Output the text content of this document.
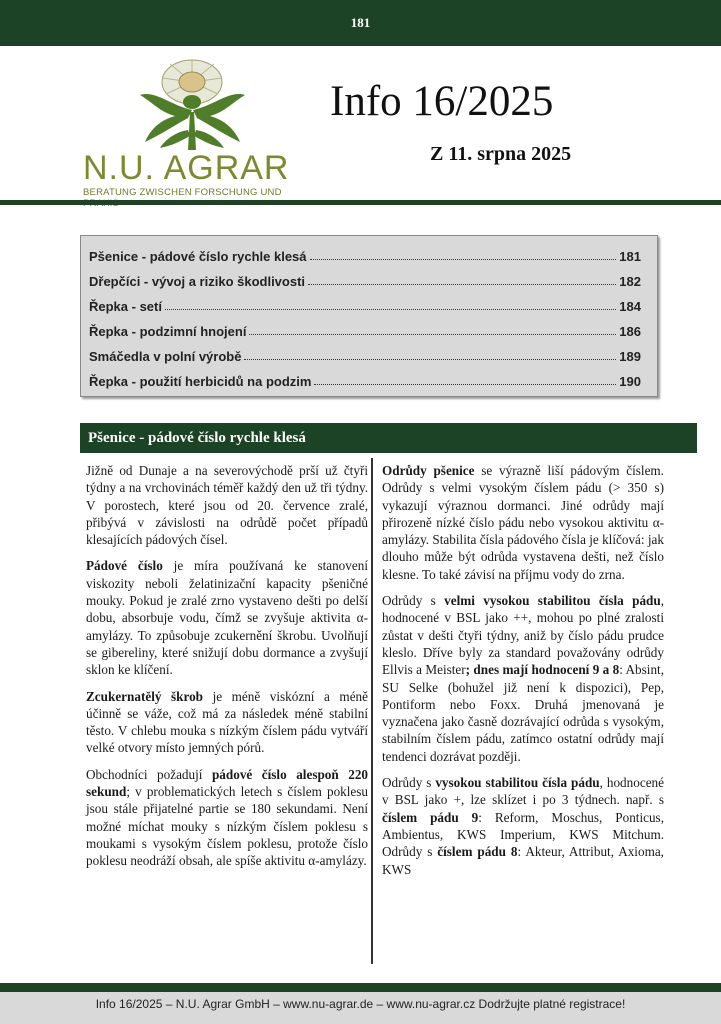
181
N.U. AGRAR
BERATUNG ZWISCHEN FORSCHUNG UND
Info 16/2025
Z 11. srpna 2025
Pšenice - pádové číslo rychle klesá	181
Dřepčíci - vývoj a riziko škodlivosti	182
Řepka - setí	184
Řepka - podzimní hnojení	186
Smáčedla v polní výrobě	189
Řepka - použití herbicidů na podzim	190
Pšenice - pádové číslo rychle klesá

Jižně od Dunaje a na severovýchodě prší už čtyři týdny a na vrchovinách téměř každý den už tři týdny. V porostech, které jsou od 20. července zralé, přibývá v závislosti na odrůdě počet případů klesajících pádových čísel.

Pádové číslo je míra používaná ke stanovení viskozity neboli želatinizační kapacity pšeničné mouky. Pokud je zralé zrno vystaveno dešti po delší dobu, absorbuje vodu, čímž se zvyšuje aktivita α-amylázy. To způsobuje zcukernění škrobu. Uvolňují se gibereliny, které snižují dobu dormance a zvyšují sklon ke klíčení.

Zcukernatělý škrob je méně viskózní a méně účinně se váže, což má za následek méně stabilní těsto. V chlebu mouka s nízkým číslem pádu vytváří velké otvory místo jemných pórů.

Obchodníci požadují pádové číslo alespoň 220 sekund; v problematických letech s číslem poklesu jsou stále přijatelné partie se 180 sekundami. Není možné míchat mouky s nízkým číslem poklesu s moukami s vysokým číslem poklesu, protože číslo poklesu neodráží obsah, ale spíše aktivitu α-amylázy.

Odrůdy pšenice se výrazně liší pádovým číslem. Odrůdy s velmi vysokým číslem pádu (> 350 s) vykazují výraznou dormanci. Jiné odrůdy mají přirozeně nízké číslo pádu nebo vysokou aktivitu α-amylázy. Stabilita čísla pádového čísla je klíčová: jak dlouho může být odrůda vystavena dešti, než číslo klesne. To také závisí na příjmu vody do zrna.

Odrůdy s velmi vysokou stabilitou čísla pádu, hodnocené v BSL jako ++, mohou po plné zralosti zůstat v dešti čtyři týdny, aniž by číslo pádu prudce kleslo. Dříve byly za standard považovány odrůdy Ellvis a Meister; dnes mají hodnocení 9 a 8: Absint, SU Selke (bohužel již není k dispozici), Pep, Pontiform nebo Foxx. Druhá jmenovaná je vyznačena jako časně dozrávající odrůda s vysokým, stabilním číslem pádu, zatímco ostatní odrůdy mají tendenci dozrávat později.

Odrůdy s vysokou stabilitou čísla pádu, hodnocené v BSL jako +, lze sklízet i po 3 týdnech. např. s číslem pádu 9: Reform, Moschus, Ponticus, Ambientus, KWS Imperium, KWS Mitchum. Odrůdy s číslem pádu 8: Akteur, Attribut, Axioma, KWS

Info 16/2025 – N.U. Agrar GmbH – www.nu-agrar.de – www.nu-agrar.cz Dodržujte platné registrace!
